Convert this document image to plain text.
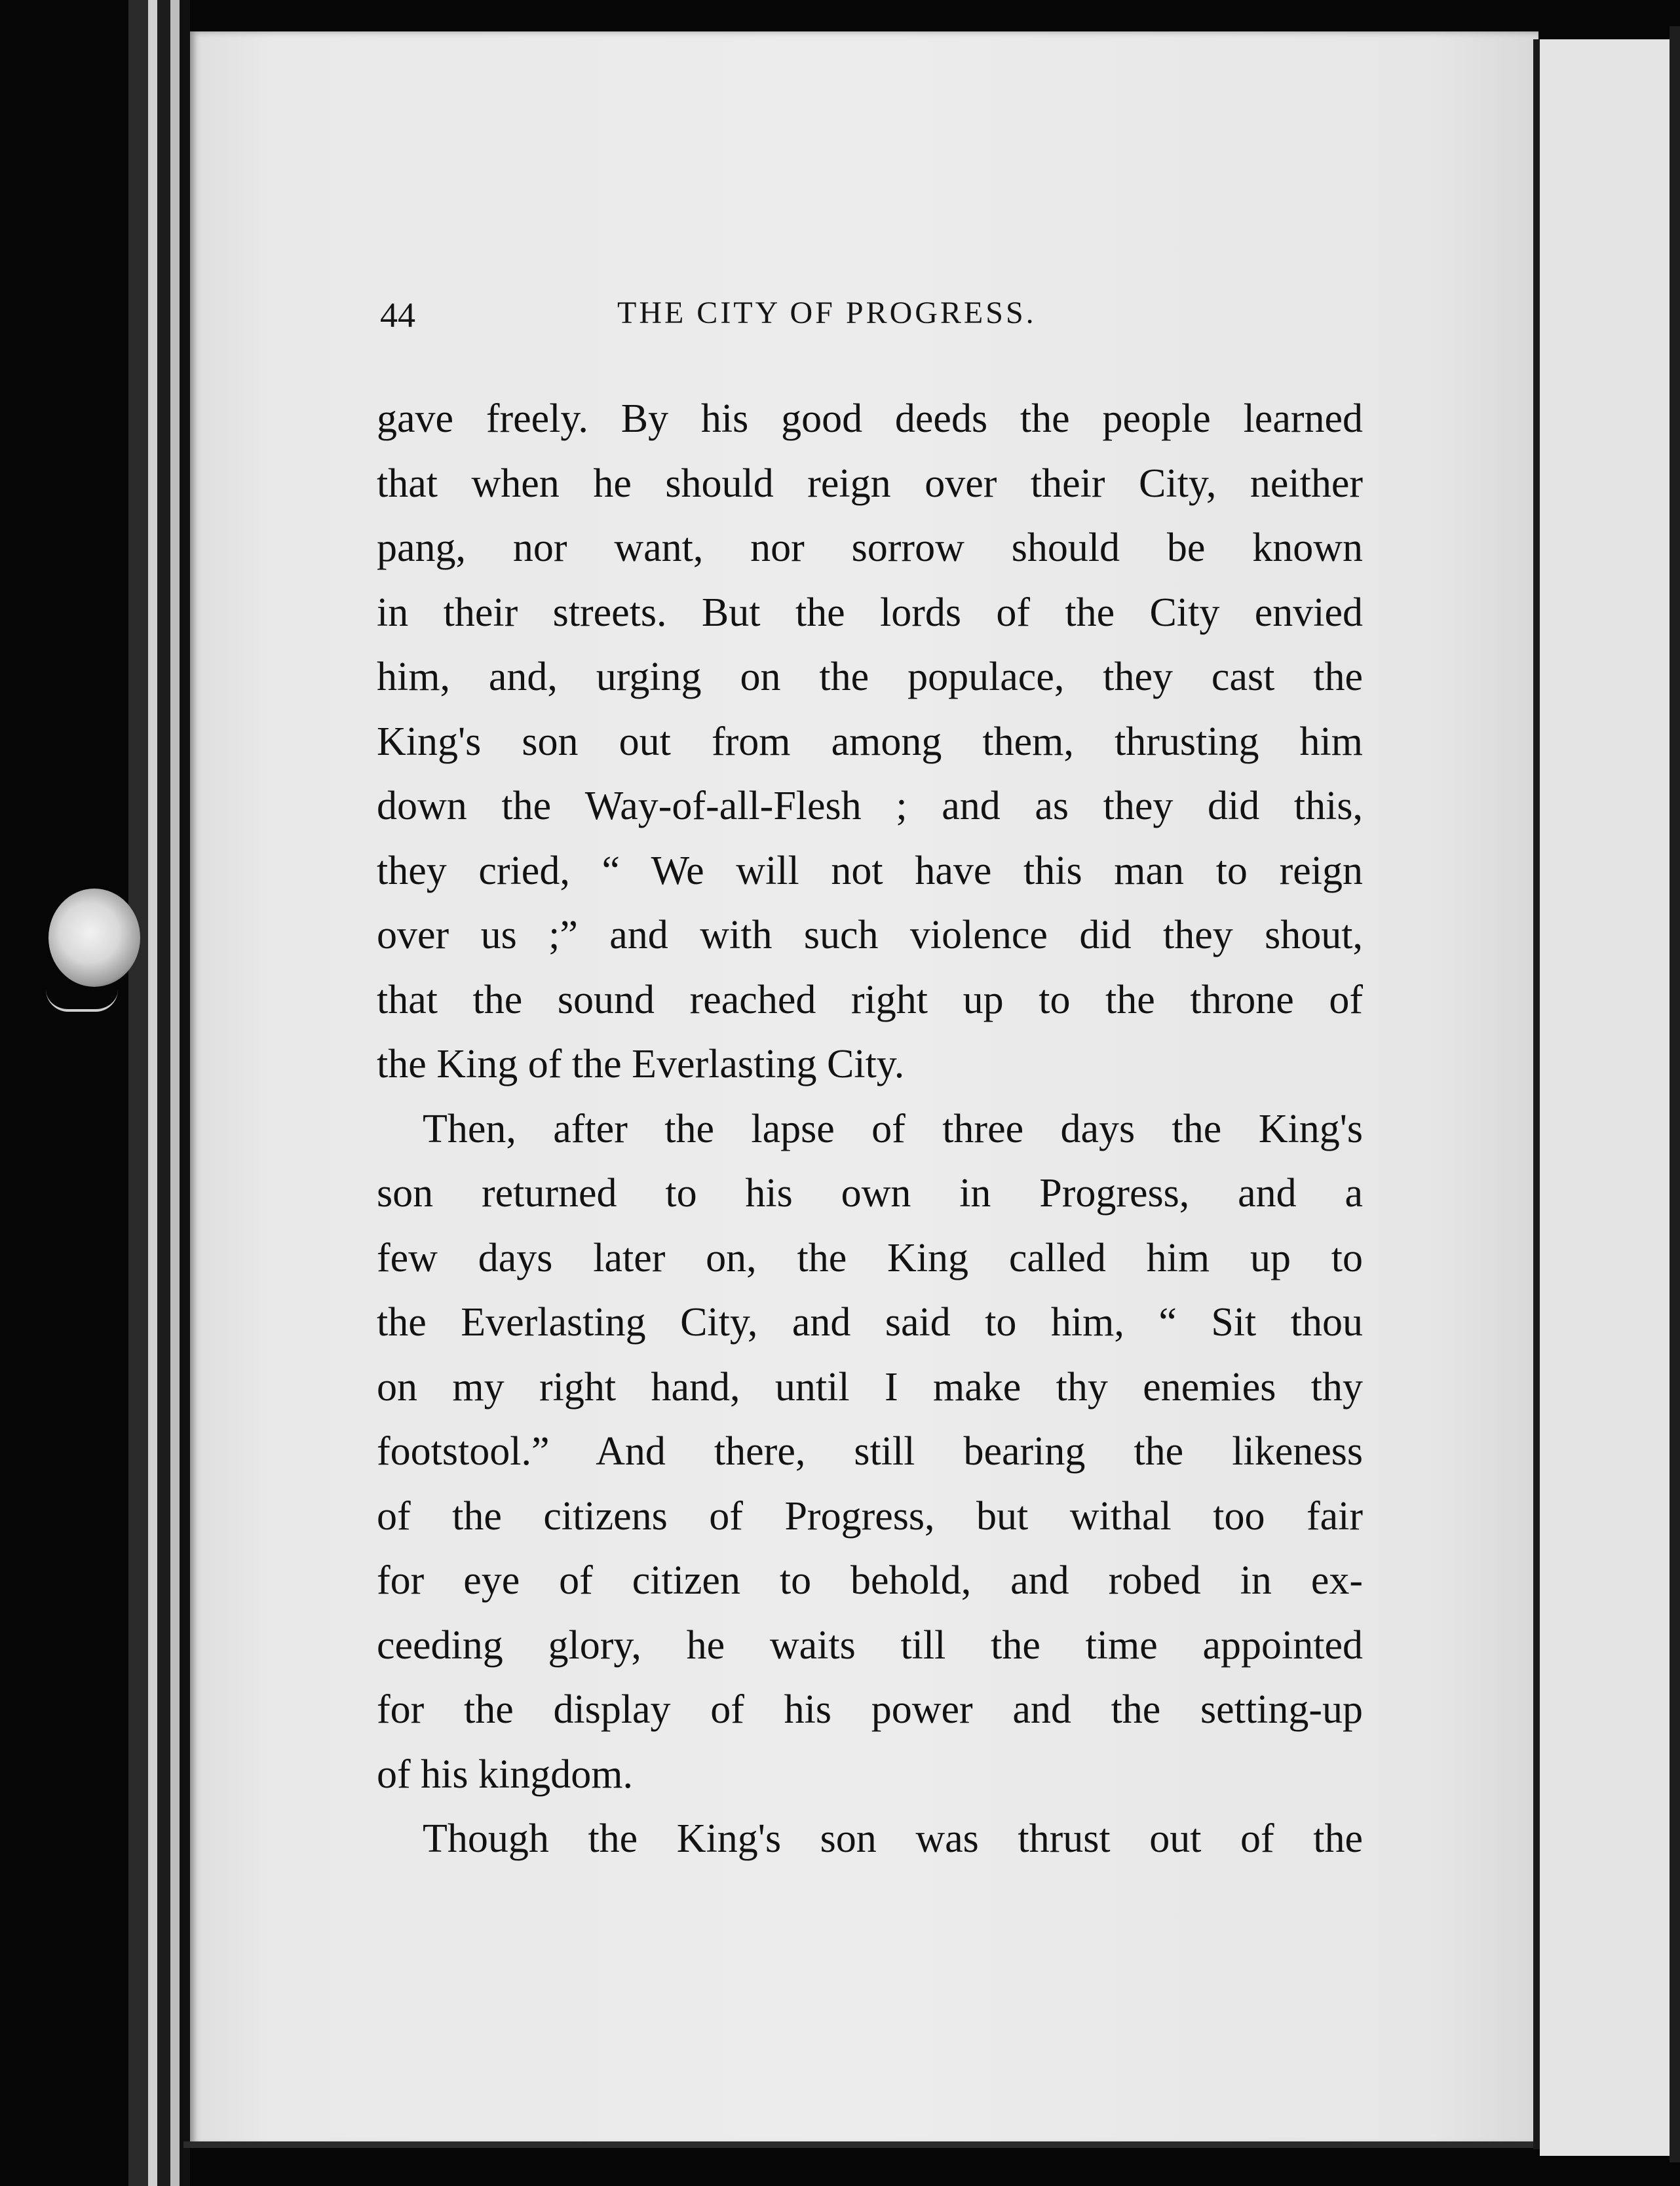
44	THE CITY OF PROGRESS.
gave freely. By his good deeds the people learned
that when he should reign over their City, neither
pang, nor want, nor sorrow should be known
in their streets. But the lords of the City envied
him, and, urging on the populace, they cast the
King's son out from among them, thrusting him
down the Way-of-all-Flesh ; and as they did this,
they cried, “ We will not have this man to reign
over us ;” and with such violence did they shout,
that the sound reached right up to the throne of
the King of the Everlasting City.
Then, after the lapse of three days the King's
son returned to his own in Progress, and a
few days later on, the King called him up to
the Everlasting City, and said to him, “ Sit thou
on my right hand, until I make thy enemies thy
footstool.” And there, still bearing the likeness
of the citizens of Progress, but withal too fair
for eye of citizen to behold, and robed in ex-
ceeding glory, he waits till the time appointed
for the display of his power and the setting-up
of his kingdom.
Though the King's son was thrust out of the
